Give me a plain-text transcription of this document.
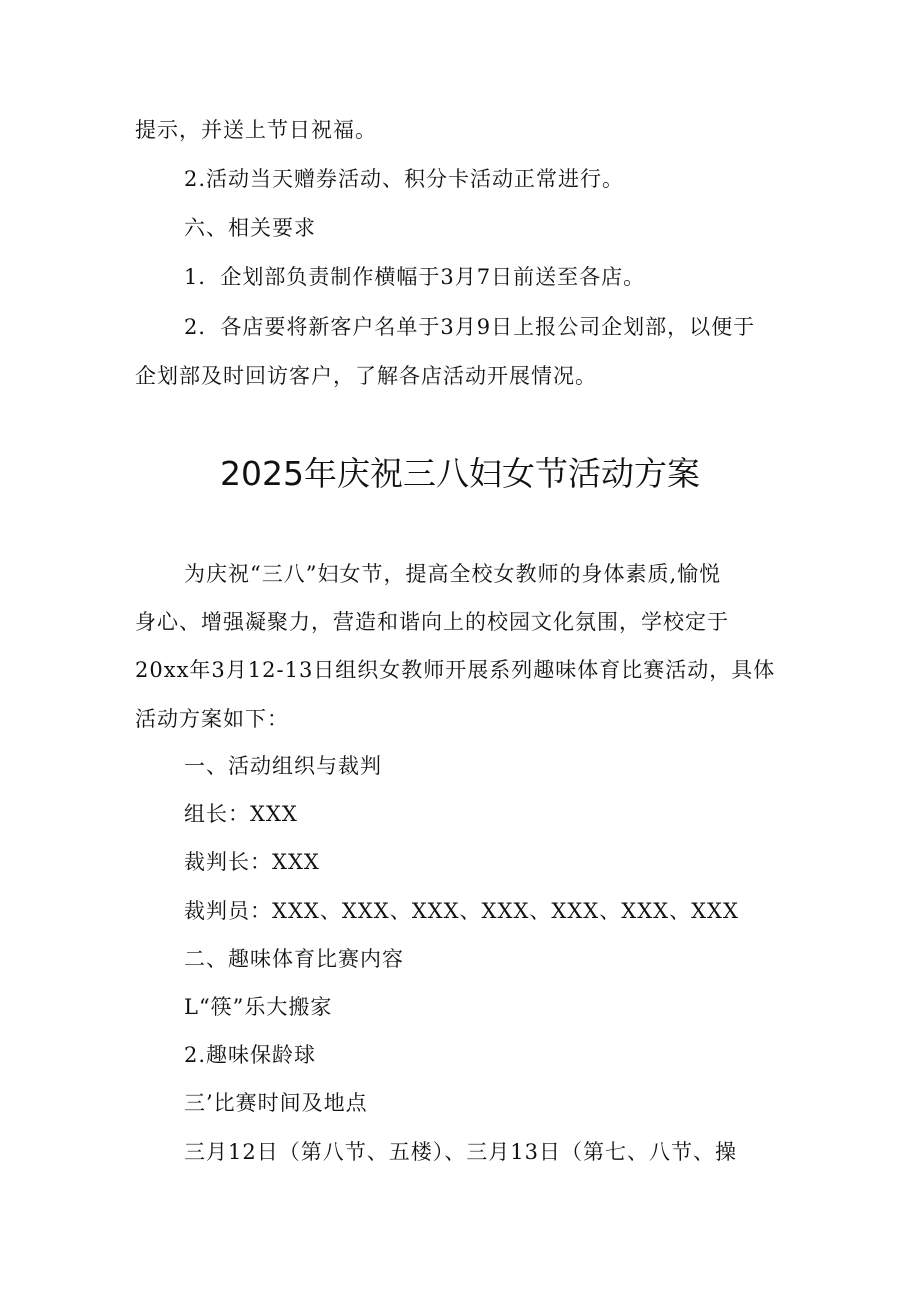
提示，并送上节日祝福。

2.活动当天赠券活动、积分卡活动正常进行。

六、相关要求

1．企划部负责制作横幅于3月7日前送至各店。

2．各店要将新客户名单于3月9日上报公司企划部，以便于

企划部及时回访客户，了解各店活动开展情况。

2025年庆祝三八妇女节活动方案

为庆祝“三八”妇女节，提高全校女教师的身体素质,愉悦

身心、增强凝聚力，营造和谐向上的校园文化氛围，学校定于

20xx年3月12-13日组织女教师开展系列趣味体育比赛活动，具体

活动方案如下：

一、活动组织与裁判

组长：XXX

裁判长：XXX

裁判员：XXX、XXX、XXX、XXX、XXX、XXX、XXX

二、趣味体育比赛内容

L“筷”乐大搬家

2.趣味保龄球

三’比赛时间及地点

三月12日（第八节、五楼）、三月13日（第七、八节、操
